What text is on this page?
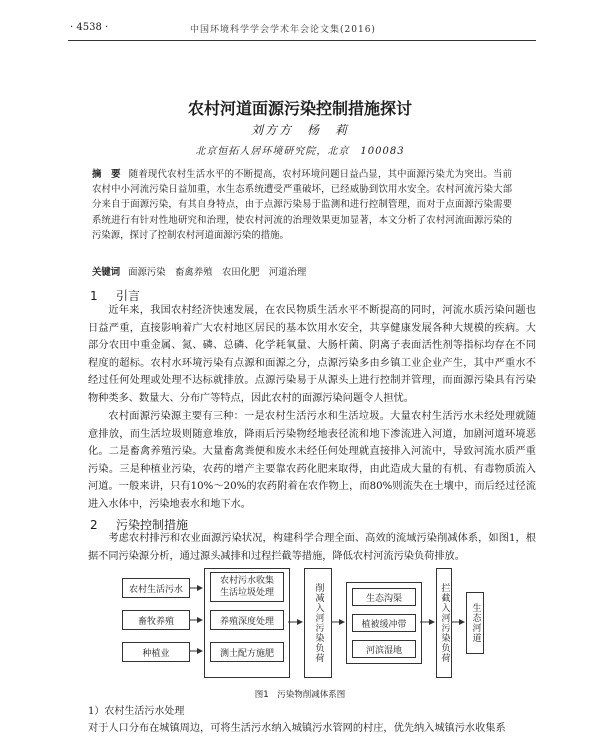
· 4538 ·	中国环境科学学会学术年会论文集(2016)
农村河道面源污染控制措施探讨
刘方方　杨　莉
北京恒拓人居环境研究院，北京　100083
摘　要 随着现代农村生活水平的不断提高，农村环境问题日益凸显，其中面源污染尤为突出。当前农村中小河流污染日益加重，水生态系统遭受严重破坏，已经威胁到饮用水安全。农村河流污染大部分来自于面源污染，有其自身特点，由于点源污染易于监测和进行控制管理，而对于点面源污染需要系统进行有针对性地研究和治理，使农村河流的治理效果更加显著，本文分析了农村河流面源污染的污染源，探讨了控制农村河道面源污染的措施。
关键词 面源污染　畜禽养殖　农田化肥　河道治理
1 引言
近年来，我国农村经济快速发展，在农民物质生活水平不断提高的同时，河流水质污染问题也日益严重，直接影响着广大农村地区居民的基本饮用水安全，共享健康发展各种大规模的疾病。大部分农田中重金属、氮、磷、总磷、化学耗氧量、大肠杆菌、阴离子表面活性剂等指标均存在不同程度的超标。农村水环境污染有点源和面源之分，点源污染多由乡镇工业企业产生，其中严重水不经过任何处理或处理不达标就排放。点源污染易于从源头上进行控制并管理，而面源污染具有污染物种类多、数量大、分布广等特点，因此农村的面源污染问题令人担忧。
农村面源污染源主要有三种：一是农村生活污水和生活垃圾。大量农村生活污水未经处理就随意排放，而生活垃圾则随意堆放，降雨后污染物经地表径流和地下渗流进入河道，加剧河道环境恶化。二是畜禽养殖污染。大量畜禽粪便和废水未经任何处理就直接排入河流中，导致河流水质严重污染。三是种植业污染，农药的增产主要靠农药化肥来取得，由此造成大量的有机、有毒物质流入河道。一般来讲，只有10%～20%的农药附着在农作物上，而80%则流失在土壤中，而后经过径流进入水体中，污染地表水和地下水。
2 污染控制措施
考虑农村排污和农业面源污染状况，构建科学合理全面、高效的流域污染削减体系，如图1，根据不同污染源分析，通过源头减排和过程拦截等措施，降低农村河流污染负荷排放。
农村生活污水
畜牧养殖
种植业
农村污水收集
生活垃圾处理
养殖深度处理
测土配方施肥	削减入河污染负荷	生态沟渠
植被缓冲带
河滨湿地	拦截入河污染负荷 生态河道
图1　污染物削减体系图
1）农村生活污水处理
对于人口分布在城镇周边，可将生活污水纳入城镇污水管网的村庄，优先纳入城镇污水收集系
